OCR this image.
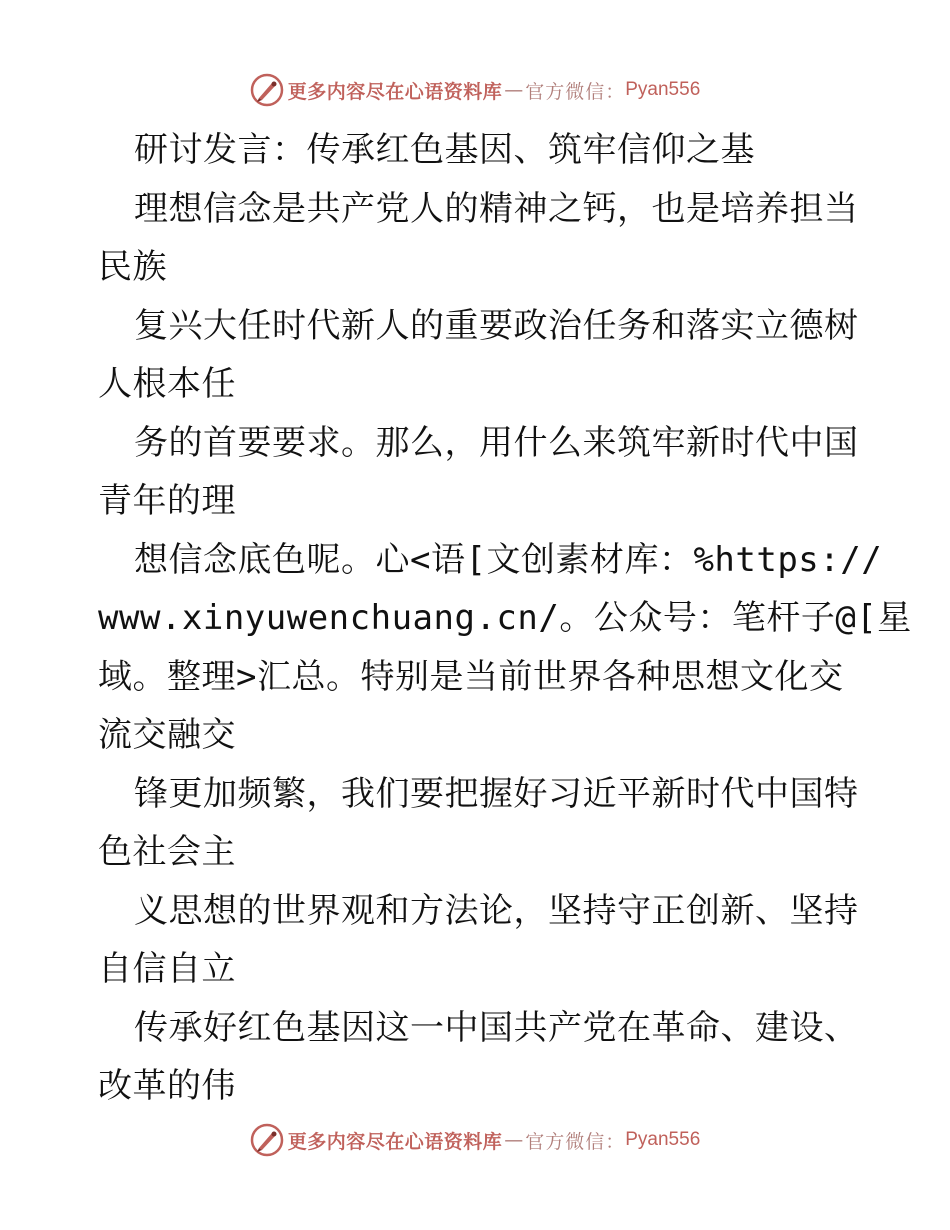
更多内容尽在心语资料库 — 官方微信： Pyan556
研讨发言：传承红色基因、筑牢信仰之基
理想信念是共产党人的精神之钙，也是培养担当
民族
复兴大任时代新人的重要政治任务和落实立德树
人根本任
务的首要要求。那么，用什么来筑牢新时代中国
青年的理
想信念底色呢。心<语[文创素材库：%https://
www.xinyuwenchuang.cn/。公众号：笔杆子@[星
域。整理>汇总。特别是当前世界各种思想文化交
流交融交
锋更加频繁，我们要把握好习近平新时代中国特
色社会主
义思想的世界观和方法论，坚持守正创新、坚持
自信自立
传承好红色基因这一中国共产党在革命、建设、
改革的伟
更多内容尽在心语资料库 — 官方微信： Pyan556
